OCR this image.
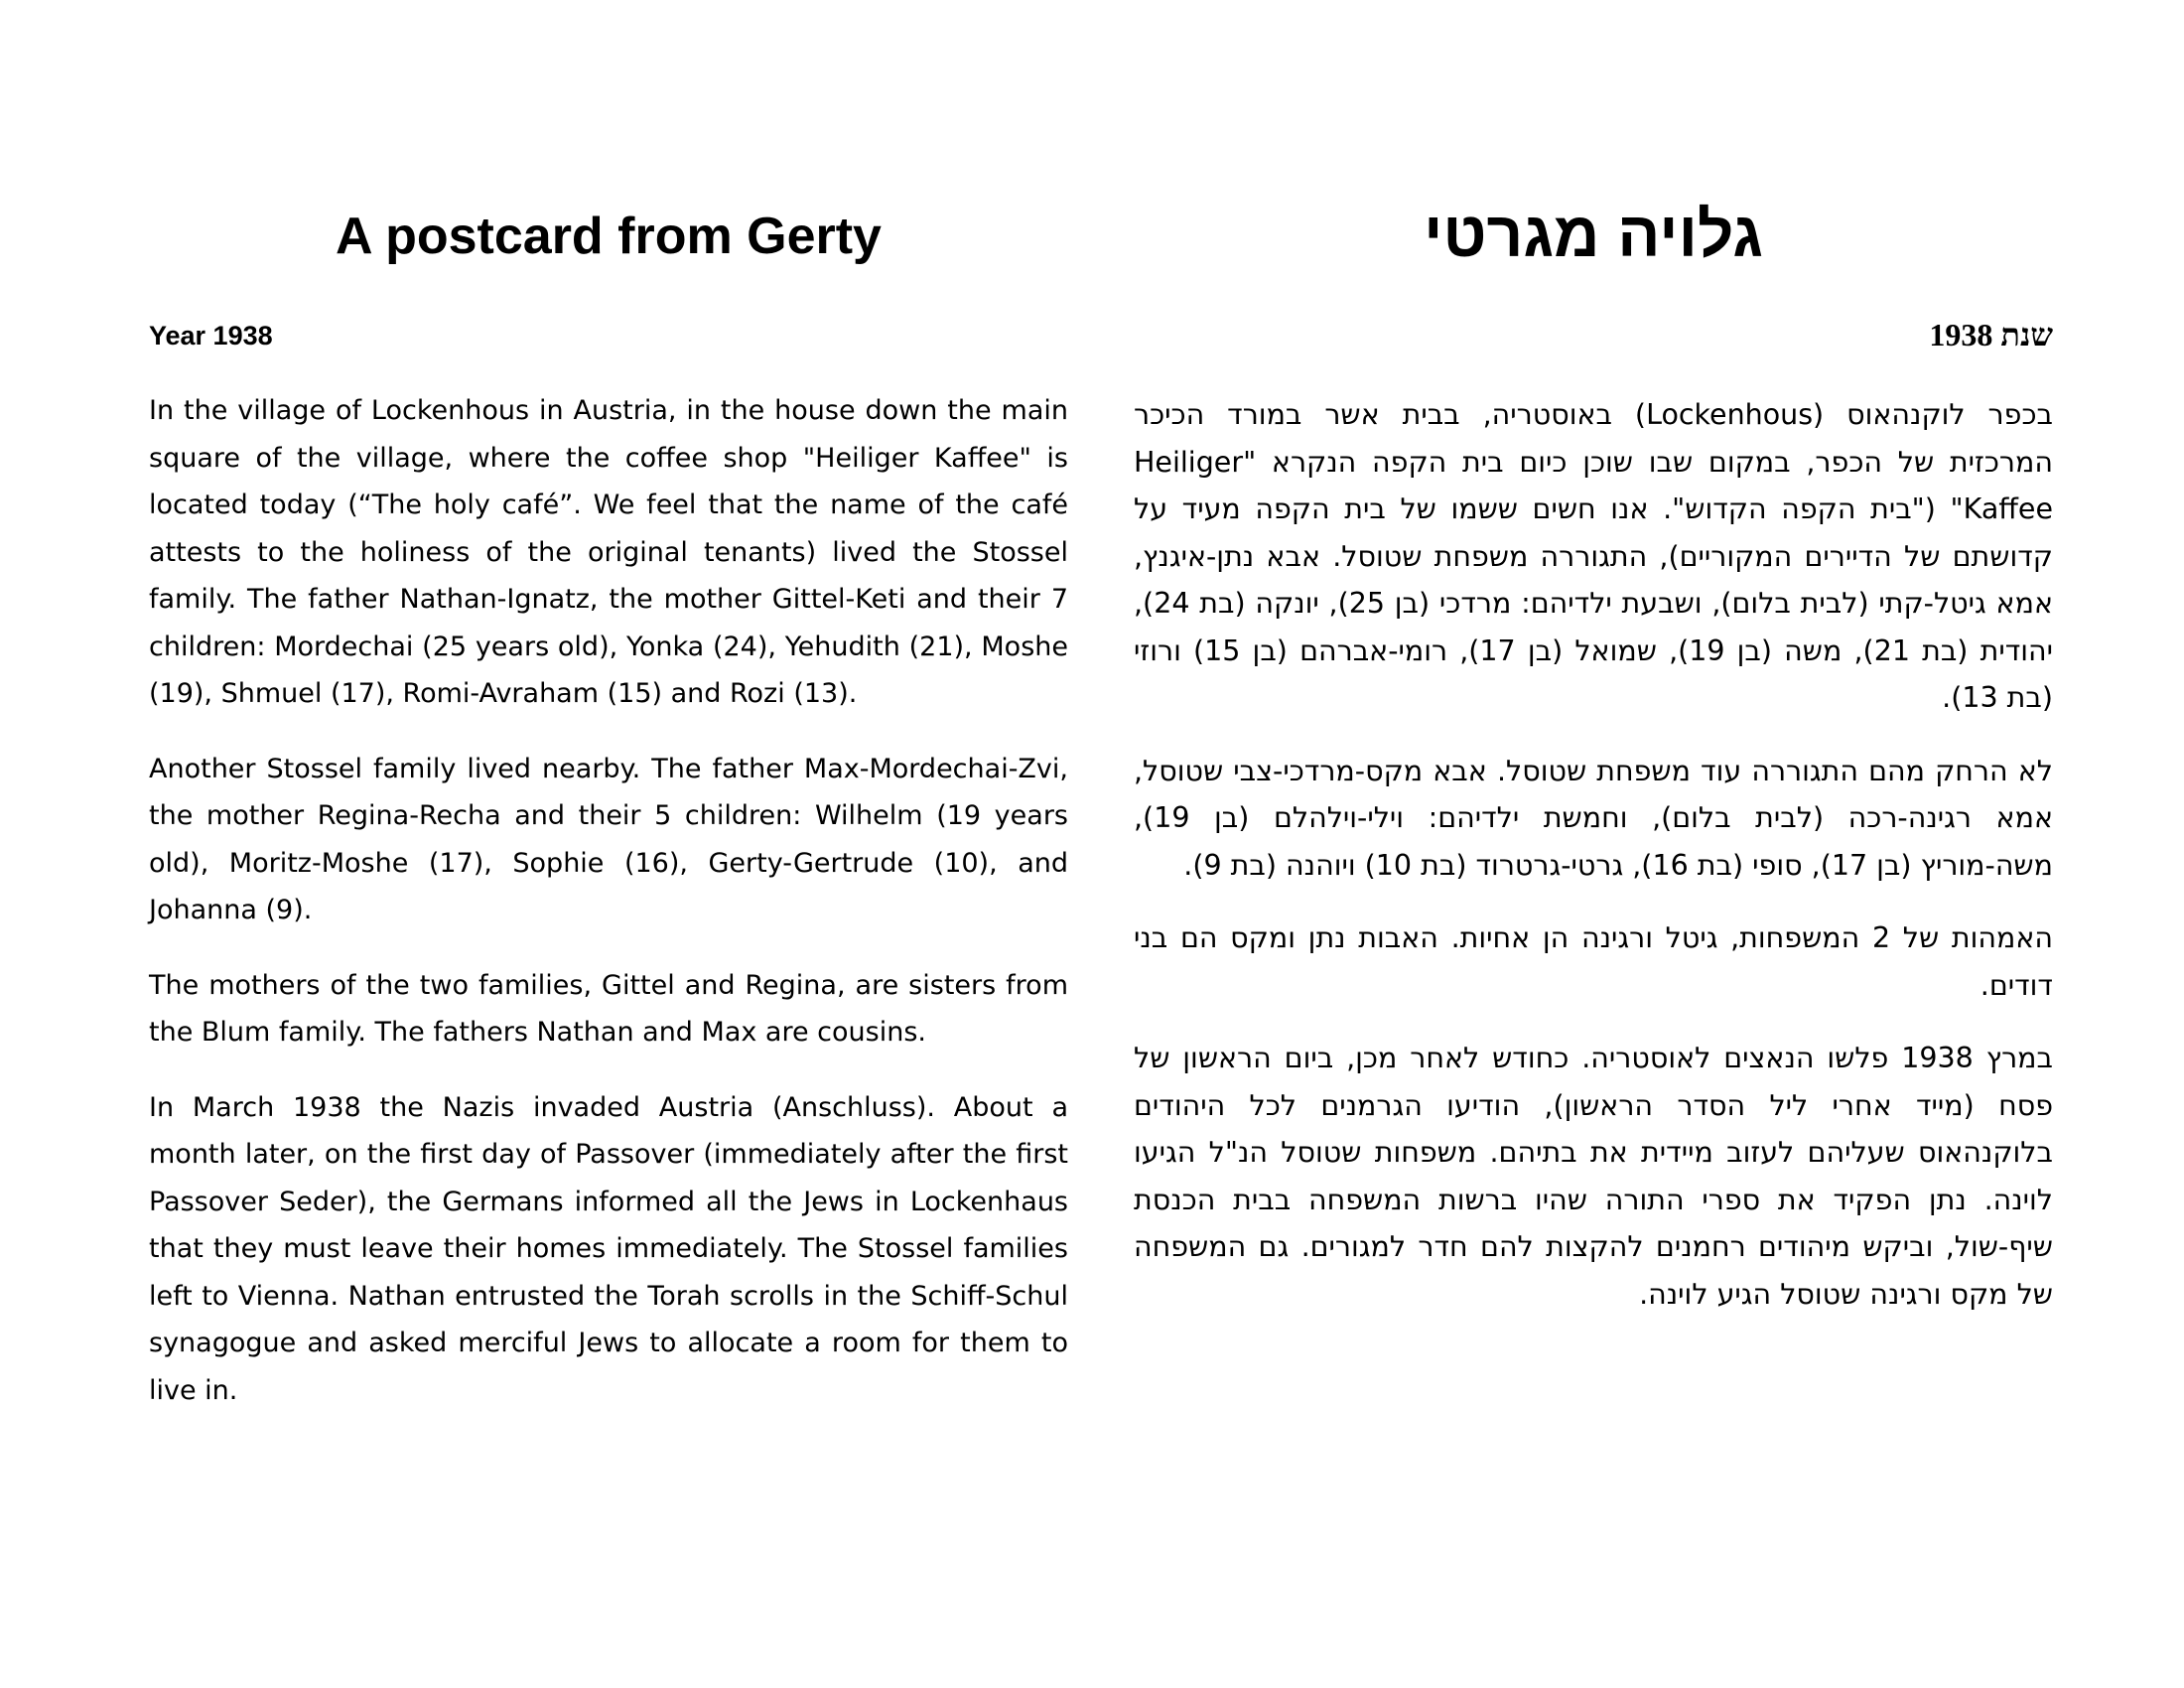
A postcard from Gerty
Year 1938

In the village of Lockenhous in Austria, in the house down the main square of the village, where the coffee shop "Heiliger Kaffee" is located today (“The holy café”. We feel that the name of the café attests to the holiness of the original tenants) lived the Stossel family. The father Nathan-Ignatz, the mother Gittel-Keti and their 7 children: Mordechai (25 years old), Yonka (24), Yehudith (21), Moshe (19), Shmuel (17), Romi-Avraham (15) and Rozi (13).

Another Stossel family lived nearby. The father Max-Mordechai-Zvi, the mother Regina-Recha and their 5 children: Wilhelm (19 years old), Moritz-Moshe (17), Sophie (16), Gerty-Gertrude (10), and Johanna (9).

The mothers of the two families, Gittel and Regina, are sisters from the Blum family. The fathers Nathan and Max are cousins.

In March 1938 the Nazis invaded Austria (Anschluss). About a month later, on the first day of Passover (immediately after the first Passover Seder), the Germans informed all the Jews in Lockenhaus that they must leave their homes immediately. The Stossel families left to Vienna. Nathan entrusted the Torah scrolls in the Schiff-Schul synagogue and asked merciful Jews to allocate a room for them to live in.

גלויה מגרטי
שנת 1938

בכפר לוקנהאוס (Lockenhous) באוסטריה, בבית אשר במורד הכיכר המרכזית של הכפר, במקום שבו שוכן כיום בית הקפה הנקרא "Heiliger Kaffee" ("בית הקפה הקדוש". אנו חשים ששמו של בית הקפה מעיד על קדושתם של הדיירים המקוריים), התגוררה משפחת שטוסל. אבא נתן-איגנץ, אמא גיטל-קתי (לבית בלום), ושבעת ילדיהם: מרדכי (בן 25), יונקה (בת 24), יהודית (בת 21), משה (בן 19), שמואל (בן 17), רומי-אברהם (בן 15) ורוזי (בת 13).

לא הרחק מהם התגוררה עוד משפחת שטוסל. אבא מקס-מרדכי-צבי שטוסל, אמא רגינה-רכה (לבית בלום), וחמשת ילדיהם: וילי-וילהלם (בן 19), משה-מוריץ (בן 17), סופי (בת 16), גרטי-גרטרוד (בת 10) ויוהנה (בת 9).

האמהות של 2 המשפחות, גיטל ורגינה הן אחיות. האבות נתן ומקס הם בני דודים.

במרץ 1938 פלשו הנאצים לאוסטריה. כחודש לאחר מכן, ביום הראשון של פסח (מייד אחרי ליל הסדר הראשון), הודיעו הגרמנים לכל היהודים בלוקנהאוס שעליהם לעזוב מיידית את בתיהם. משפחות שטוסל הנ"ל הגיעו לוינה. נתן הפקיד את ספרי התורה שהיו ברשות המשפחה בבית הכנסת שיף-שול, וביקש מיהודים רחמנים להקצות להם חדר למגורים. גם המשפחה של מקס ורגינה שטוסל הגיע לוינה.
